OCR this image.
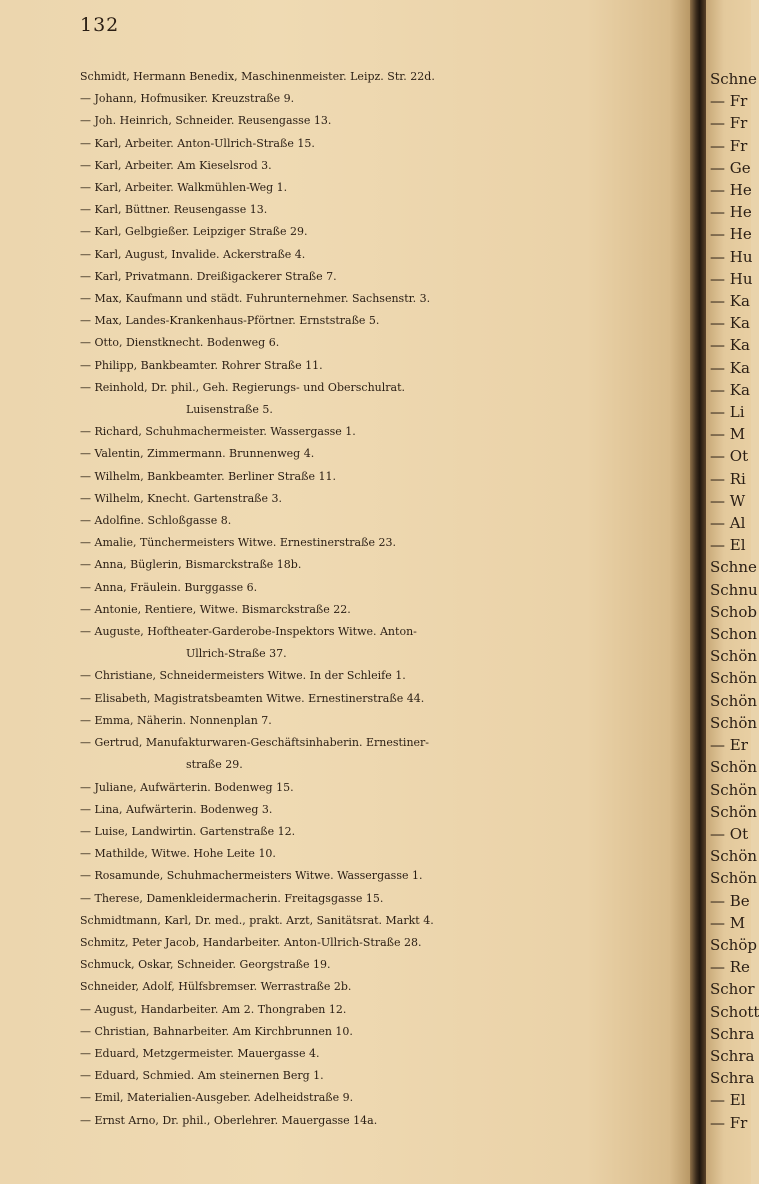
132
Schmidt, Hermann Benedix, Maschinenmeister. Leipz. Str. 22d.
— Johann, Hofmusiker. Kreuzstraße 9.
— Joh. Heinrich, Schneider. Reusengasse 13.
— Karl, Arbeiter. Anton-Ullrich-Straße 15.
— Karl, Arbeiter. Am Kieselsrod 3.
— Karl, Arbeiter. Walkmühlen-Weg 1.
— Karl, Büttner. Reusengasse 13.
— Karl, Gelbgießer. Leipziger Straße 29.
— Karl, August, Invalide. Ackerstraße 4.
— Karl, Privatmann. Dreißigackerer Straße 7.
— Max, Kaufmann und städt. Fuhrunternehmer. Sachsenstr. 3.
— Max, Landes-Krankenhaus-Pförtner. Ernststraße 5.
— Otto, Dienstknecht. Bodenweg 6.
— Philipp, Bankbeamter. Rohrer Straße 11.
— Reinhold, Dr. phil., Geh. Regierungs- und Oberschulrat.
Luisenstraße 5.
— Richard, Schuhmachermeister. Wassergasse 1.
— Valentin, Zimmermann. Brunnenweg 4.
— Wilhelm, Bankbeamter. Berliner Straße 11.
— Wilhelm, Knecht. Gartenstraße 3.
— Adolfine. Schloßgasse 8.
— Amalie, Tünchermeisters Witwe. Ernestinerstraße 23.
— Anna, Büglerin, Bismarckstraße 18b.
— Anna, Fräulein. Burggasse 6.
— Antonie, Rentiere, Witwe. Bismarckstraße 22.
— Auguste, Hoftheater-Garderobe-Inspektors Witwe. Anton-
Ullrich-Straße 37.
— Christiane, Schneidermeisters Witwe. In der Schleife 1.
— Elisabeth, Magistratsbeamten Witwe. Ernestinerstraße 44.
— Emma, Näherin. Nonnenplan 7.
— Gertrud, Manufakturwaren-Geschäftsinhaberin. Ernestiner-
straße 29.
— Juliane, Aufwärterin. Bodenweg 15.
— Lina, Aufwärterin. Bodenweg 3.
— Luise, Landwirtin. Gartenstraße 12.
— Mathilde, Witwe. Hohe Leite 10.
— Rosamunde, Schuhmachermeisters Witwe. Wassergasse 1.
— Therese, Damenkleidermacherin. Freitagsgasse 15.
Schmidtmann, Karl, Dr. med., prakt. Arzt, Sanitätsrat. Markt 4.
Schmitz, Peter Jacob, Handarbeiter. Anton-Ullrich-Straße 28.
Schmuck, Oskar, Schneider. Georgstraße 19.
Schneider, Adolf, Hülfsbremser. Werrastraße 2b.
— August, Handarbeiter. Am 2. Thongraben 12.
— Christian, Bahnarbeiter. Am Kirchbrunnen 10.
— Eduard, Metzgermeister. Mauergasse 4.
— Eduard, Schmied. Am steinernen Berg 1.
— Emil, Materialien-Ausgeber. Adelheidstraße 9.
— Ernst Arno, Dr. phil., Oberlehrer. Mauergasse 14a.
Schne
— Fr
— Fr
— Fr
— Ge
— He
— He
— He
— Hu
— Hu
— Ka
— Ka
— Ka
— Ka
— Ka
— Li
— M
— Ot
— Ri
— W
— Al
— El
Schne
Schnu
Schob
Schon
Schön
Schön
Schön
Schön
— Er
Schön
Schön
Schön
— Ot
Schön
Schön
— Be
— M
Schöp
— Re
Schor
Schott
Schra
Schra
Schra
— El
— Fr
